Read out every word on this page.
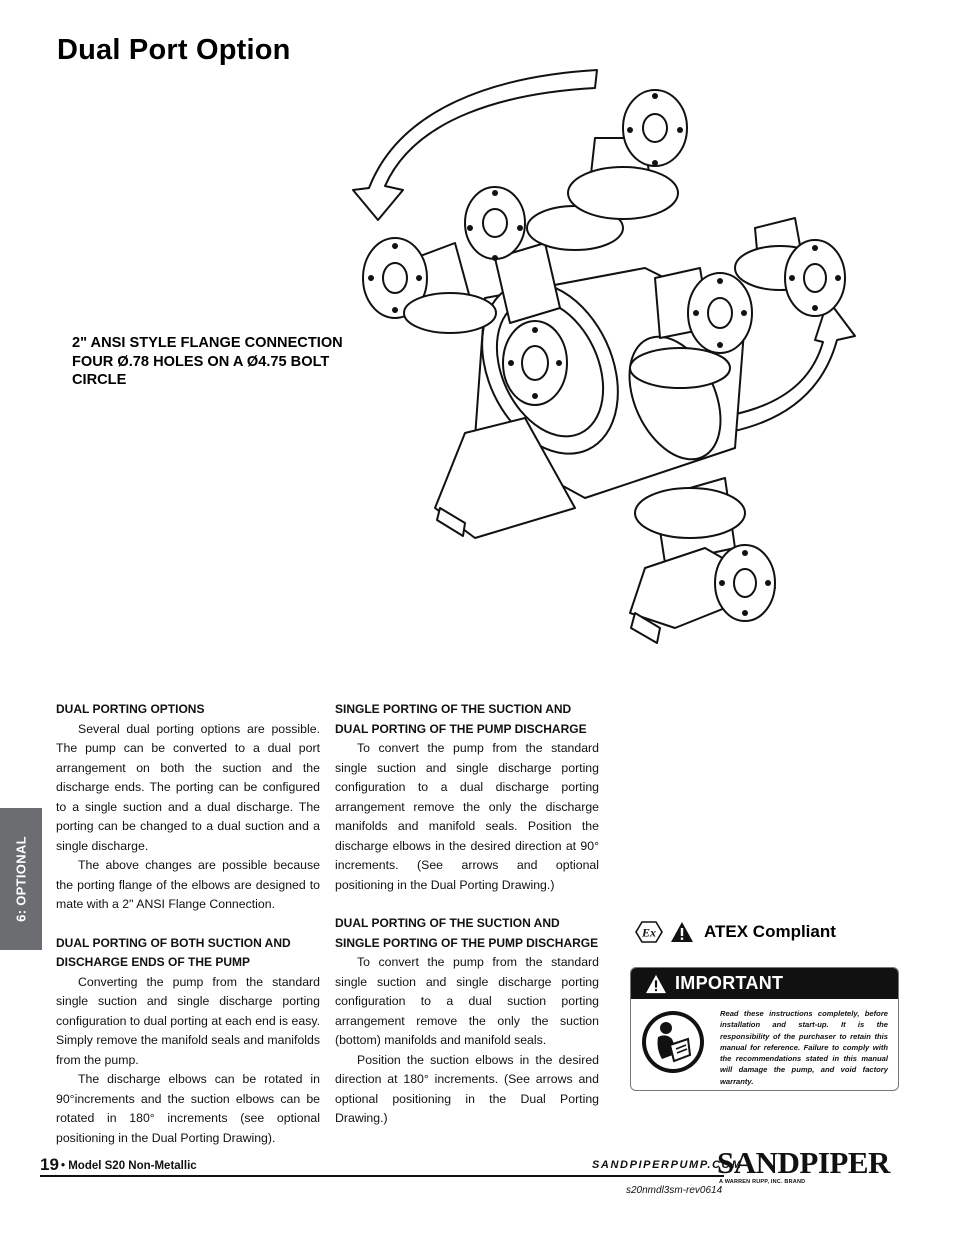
Dual Port Option
2" ANSI STYLE FLANGE CONNECTION FOUR Ø.78 HOLES ON A Ø4.75 BOLT CIRCLE
DUAL PORTING OPTIONS

Several dual porting options are possible. The pump can be converted to a dual port arrangement on both the suction and the discharge ends. The porting can be configured to a single suction and a dual discharge. The porting can be changed to a dual suction and a single discharge.

The above changes are possible because the porting flange of the elbows are designed to mate with a 2" ANSI Flange Connection.

DUAL PORTING OF BOTH SUCTION AND DISCHARGE ENDS OF THE PUMP

Converting the pump from the standard single suction and single discharge porting configuration to dual porting at each end is easy. Simply remove the manifold seals and manifolds from the pump.

The discharge elbows can be rotated in 90°increments and the suction elbows can be rotated in 180° increments (see optional positioning in the Dual Porting Drawing).

SINGLE PORTING OF THE SUCTION AND DUAL PORTING OF THE PUMP DISCHARGE

To convert the pump from the standard single suction and single discharge porting configuration to a dual discharge porting arrangement remove the only the discharge manifolds and manifold seals. Position the discharge elbows in the desired direction at 90° increments. (See arrows and optional positioning in the Dual Porting Drawing.)

DUAL PORTING OF THE SUCTION AND SINGLE PORTING OF THE PUMP DISCHARGE

To convert the pump from the standard single suction and single discharge porting configuration to a dual suction porting arrangement remove the only the suction (bottom) manifolds and manifold seals.

Position the suction elbows in the desired direction at 180° increments. (See arrows and optional positioning in the Dual Porting Drawing.)

6: OPTIONAL
Ex	ATEX Compliant
IMPORTANT
Read these instructions completely, before installation and start-up. It is the responsibility of the purchaser to retain this manual for reference. Failure to comply with the recommendations stated in this manual will damage the pump, and void factory warranty.
19 • Model S20 Non-Metallic	SANDPIPERPUMP.COM
s20nmdl3sm-rev0614
SANDPIPER
A WARREN RUPP, INC. BRAND
